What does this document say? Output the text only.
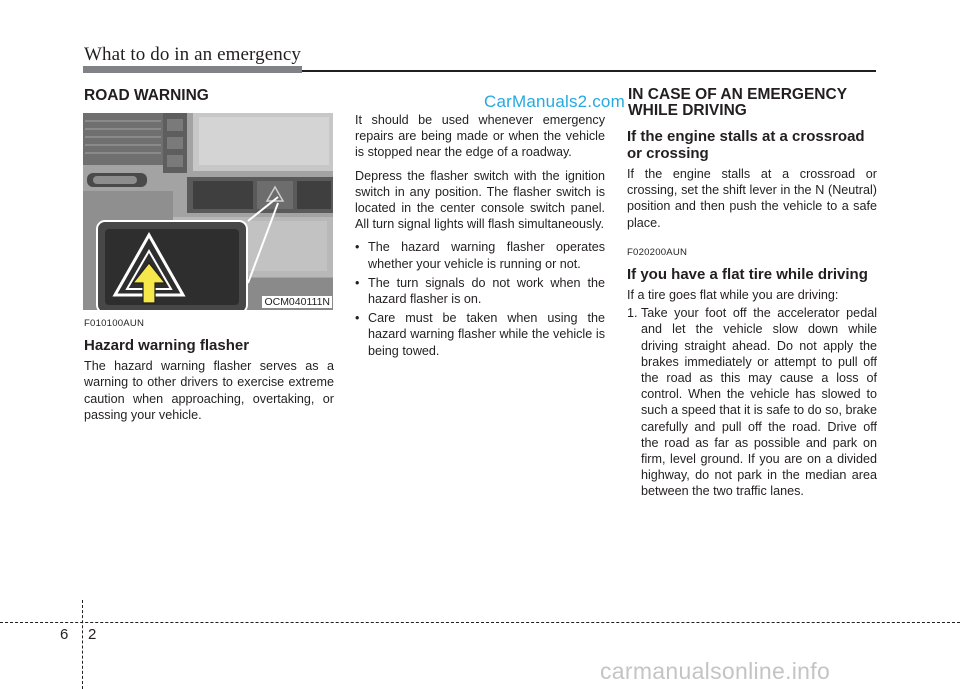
What to do in an emergency
ROAD WARNING	CarManuals2.com
OCM040111N
F010100AUN
Hazard warning flasher

The hazard warning flasher serves as a warning to other drivers to exercise extreme caution when approaching, overtaking, or passing your vehicle.

It should be used whenever emergency repairs are being made or when the vehicle is stopped near the edge of a roadway.

Depress the flasher switch with the ignition switch in any position. The flasher switch is located in the center console switch panel. All turn signal lights will flash simultaneously.

• The hazard warning flasher operates whether your vehicle is running or not.
• The turn signals do not work when the hazard flasher is on.
• Care must be taken when using the hazard warning flasher while the vehicle is being towed.
IN CASE OF AN EMERGENCY
WHILE DRIVING
If the engine stalls at a crossroad
or crossing

If the engine stalls at a crossroad or crossing, set the shift lever in the N (Neutral) position and then push the vehicle to a safe place.

F020200AUN
If you have a flat tire while driving

If a tire goes flat while you are driving:

1. Take your foot off the accelerator pedal and let the vehicle slow down while driving straight ahead. Do not apply the brakes immediately or attempt to pull off the road as this may cause a loss of control. When the vehicle has slowed to such a speed that it is safe to do so, brake carefully and pull off the road. Drive off the road as far as possible and park on firm, level ground. If you are on a divided highway, do not park in the median area between the two traffic lanes.
6 2
carmanualsonline.info
